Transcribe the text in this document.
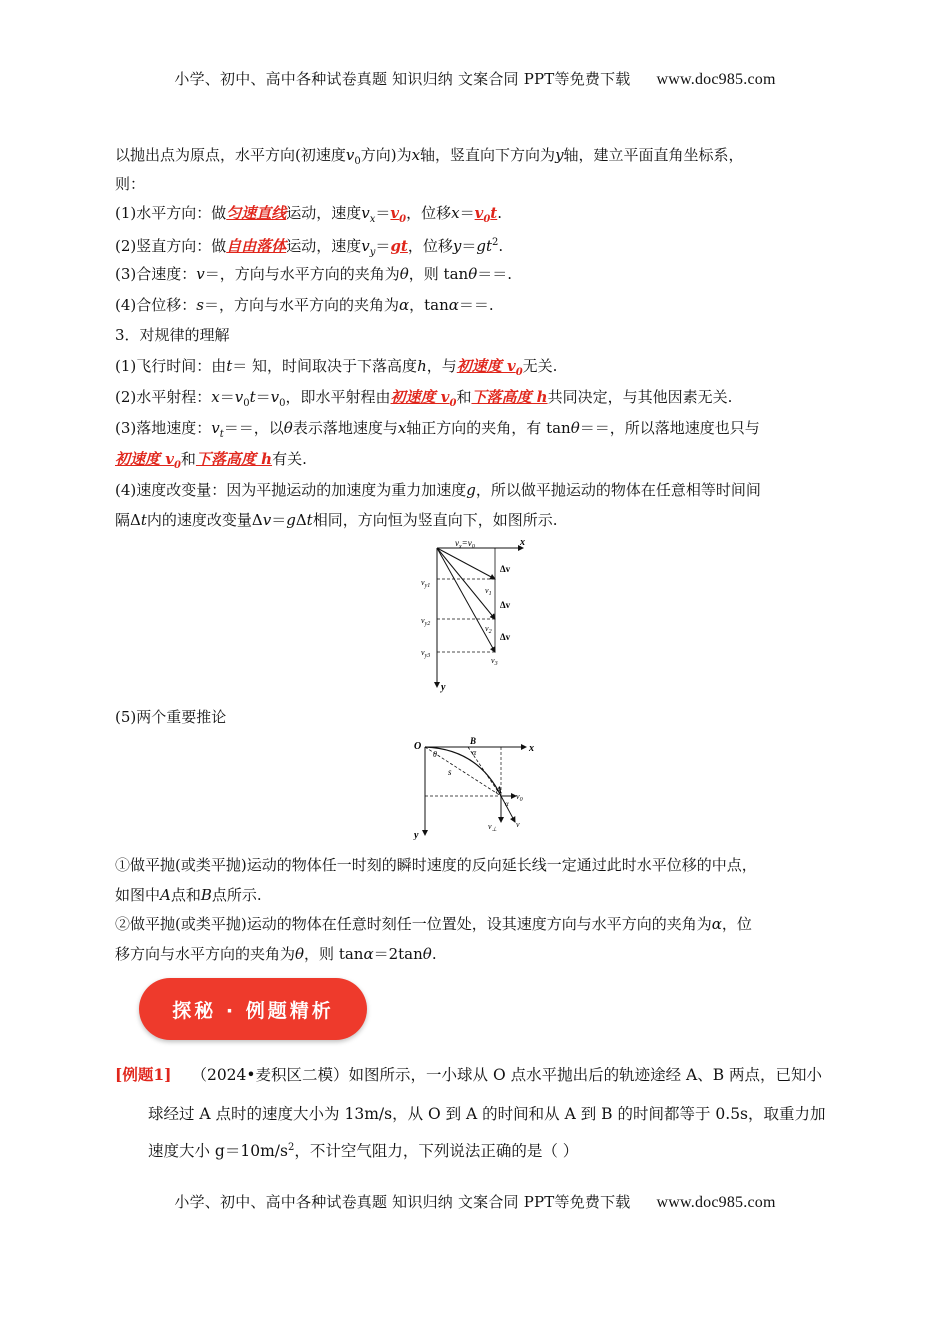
小学、初中、高中各种试卷真题 知识归纳 文案合同 PPT等免费下载 www.doc985.com
以抛出点为原点，水平方向(初速度$v_0$方向)为x轴，竖直向下方向为y轴，建立平面直角坐标系，
则：
(1)水平方向：做匀速直线运动，速度$v_x=v_0$，位移$x=v_0t$.
(2)竖直方向：做自由落体运动，速度$v_y=gt$，位移$y=gt^2$.
(3)合速度：v＝，方向与水平方向的夹角为θ，则 tanθ＝＝.
(4)合位移：s＝，方向与水平方向的夹角为α，tanα＝＝.
3．对规律的理解
(1)飞行时间：由t＝ 知，时间取决于下落高度h，与初速度 $v_0$无关.
(2)水平射程：$x=v_0t=v_0$，即水平射程由初速度 $v_0$和下落高度 h共同决定，与其他因素无关.
(3)落地速度：$v_t==$，以θ表示落地速度与x轴正方向的夹角，有 tanθ＝＝，所以落地速度也只与
初速度 $v_0$和下落高度 h有关.
(4)速度改变量：因为平抛运动的加速度为重力加速度g，所以做平抛运动的物体在任意相等时间间
隔Δt内的速度改变量Δv＝gΔt相同，方向恒为竖直向下，如图所示.
$v_x=v_0$	x
y
$v_{y1}$
$v_{y2}$
$v_{y3}$
Δv
Δv
Δv
$v_1$
$v_2$
$v_3$
(5)两个重要推论
O	B
x
y
θ	α
s
A
α
$v_0$
$v_\perp$
v
①做平抛(或类平抛)运动的物体任一时刻的瞬时速度的反向延长线一定通过此时水平位移的中点，
如图中A点和B点所示.
②做平抛(或类平抛)运动的物体在任意时刻任一位置处，设其速度方向与水平方向的夹角为α，位
移方向与水平方向的夹角为θ，则 tanα＝2tanθ.
探秘 · 例题精析
[例题1] （2024•麦积区二模）如图所示，一小球从 O 点水平抛出后的轨迹途经 A、B 两点，已知小
球经过 A 点时的速度大小为 13m/s，从 O 到 A 的时间和从 A 到 B 的时间都等于 0.5s，取重力加
速度大小 $g=10m/s^2$，不计空气阻力，下列说法正确的是（ ）
小学、初中、高中各种试卷真题 知识归纳 文案合同 PPT等免费下载 www.doc985.com
